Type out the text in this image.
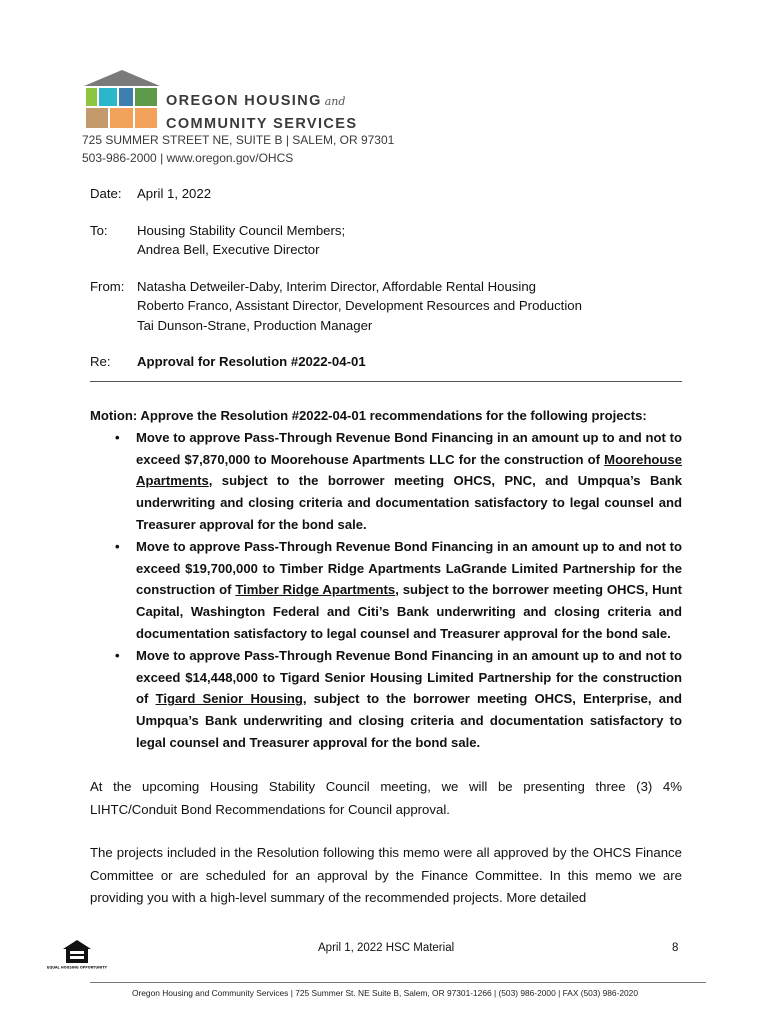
OREGON HOUSING and
COMMUNITY SERVICES
725 SUMMER STREET NE, SUITE B | SALEM, OR 97301
503-986-2000 | www.oregon.gov/OHCS
Date:	April 1, 2022
To:	Housing Stability Council Members;
Andrea Bell, Executive Director
From: Natasha Detweiler-Daby, Interim Director, Affordable Rental Housing
Roberto Franco, Assistant Director, Development Resources and Production
Tai Dunson-Strane, Production Manager
Re:	Approval for Resolution #2022-04-01
Motion: Approve the Resolution #2022-04-01 recommendations for the following projects:
• Move to approve Pass-Through Revenue Bond Financing in an amount up to and not to exceed $7,870,000 to Moorehouse Apartments LLC for the construction of Moorehouse Apartments, subject to the borrower meeting OHCS, PNC, and Umpqua’s Bank underwriting and closing criteria and documentation satisfactory to legal counsel and Treasurer approval for the bond sale.
• Move to approve Pass-Through Revenue Bond Financing in an amount up to and not to exceed $19,700,000 to Timber Ridge Apartments LaGrande Limited Partnership for the construction of Timber Ridge Apartments, subject to the borrower meeting OHCS, Hunt Capital, Washington Federal and Citi’s Bank underwriting and closing criteria and documentation satisfactory to legal counsel and Treasurer approval for the bond sale.
• Move to approve Pass-Through Revenue Bond Financing in an amount up to and not to exceed $14,448,000 to Tigard Senior Housing Limited Partnership for the construction of Tigard Senior Housing, subject to the borrower meeting OHCS, Enterprise, and Umpqua’s Bank underwriting and closing criteria and documentation satisfactory to legal counsel and Treasurer approval for the bond sale.
At the upcoming Housing Stability Council meeting, we will be presenting three (3) 4% LIHTC/Conduit Bond Recommendations for Council approval.
The projects included in the Resolution following this memo were all approved by the OHCS Finance Committee or are scheduled for an approval by the Finance Committee. In this memo we are providing you with a high-level summary of the recommended projects. More detailed
EQUAL HOUSING OPPORTUNITY
April 1, 2022 HSC Material	8
Oregon Housing and Community Services | 725 Summer St. NE Suite B, Salem, OR 97301-1266 | (503) 986-2000 | FAX (503) 986-2020
